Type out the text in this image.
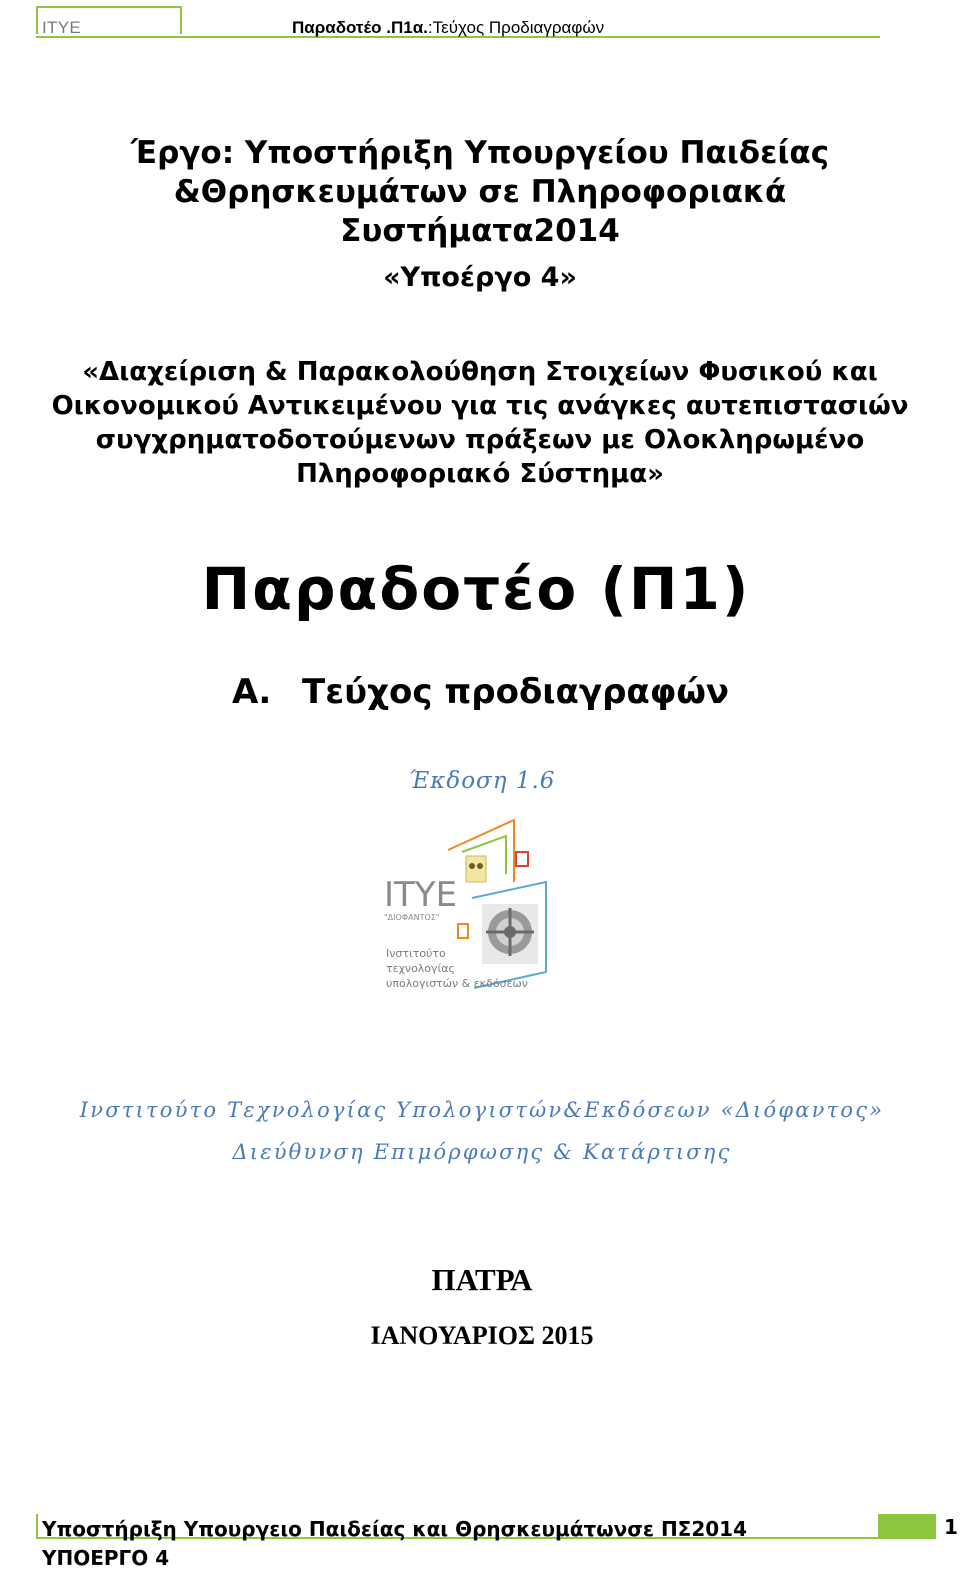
ITYE	Παραδοτέο .Π1α.:Τεύχος Προδιαγραφών
Έργο: Υποστήριξη Υπουργείου Παιδείας
&Θρησκευμάτων σε Πληροφοριακά
Συστήματα2014
«Υποέργο 4»
«Διαχείριση & Παρακολούθηση Στοιχείων Φυσικού και
Οικονομικού Αντικειμένου για τις ανάγκες αυτεπιστασιών
συγχρηματοδοτούμενων πράξεων με Ολοκληρωμένο
Πληροφοριακό Σύστημα»
Παραδοτέο (Π1)
Α. Τεύχος προδιαγραφών
Έκδοση 1.6
ITYE
"ΔΙΟΦΑΝΤΟΣ"
Ινστιτούτο
τεχνολογίας
υπολογιστών & εκδόσεων
Ινστιτούτο Τεχνολογίας Υπολογιστών&Εκδόσεων «Διόφαντος»
Διεύθυνση Επιμόρφωσης & Κατάρτισης
ΠΑΤΡΑ
ΙΑΝΟΥΑΡΙΟΣ 2015
Υποστήριξη Υπουργειο Παιδείας και Θρησκευμάτωνσε ΠΣ2014
ΥΠΟΕΡΓΟ 4
1
